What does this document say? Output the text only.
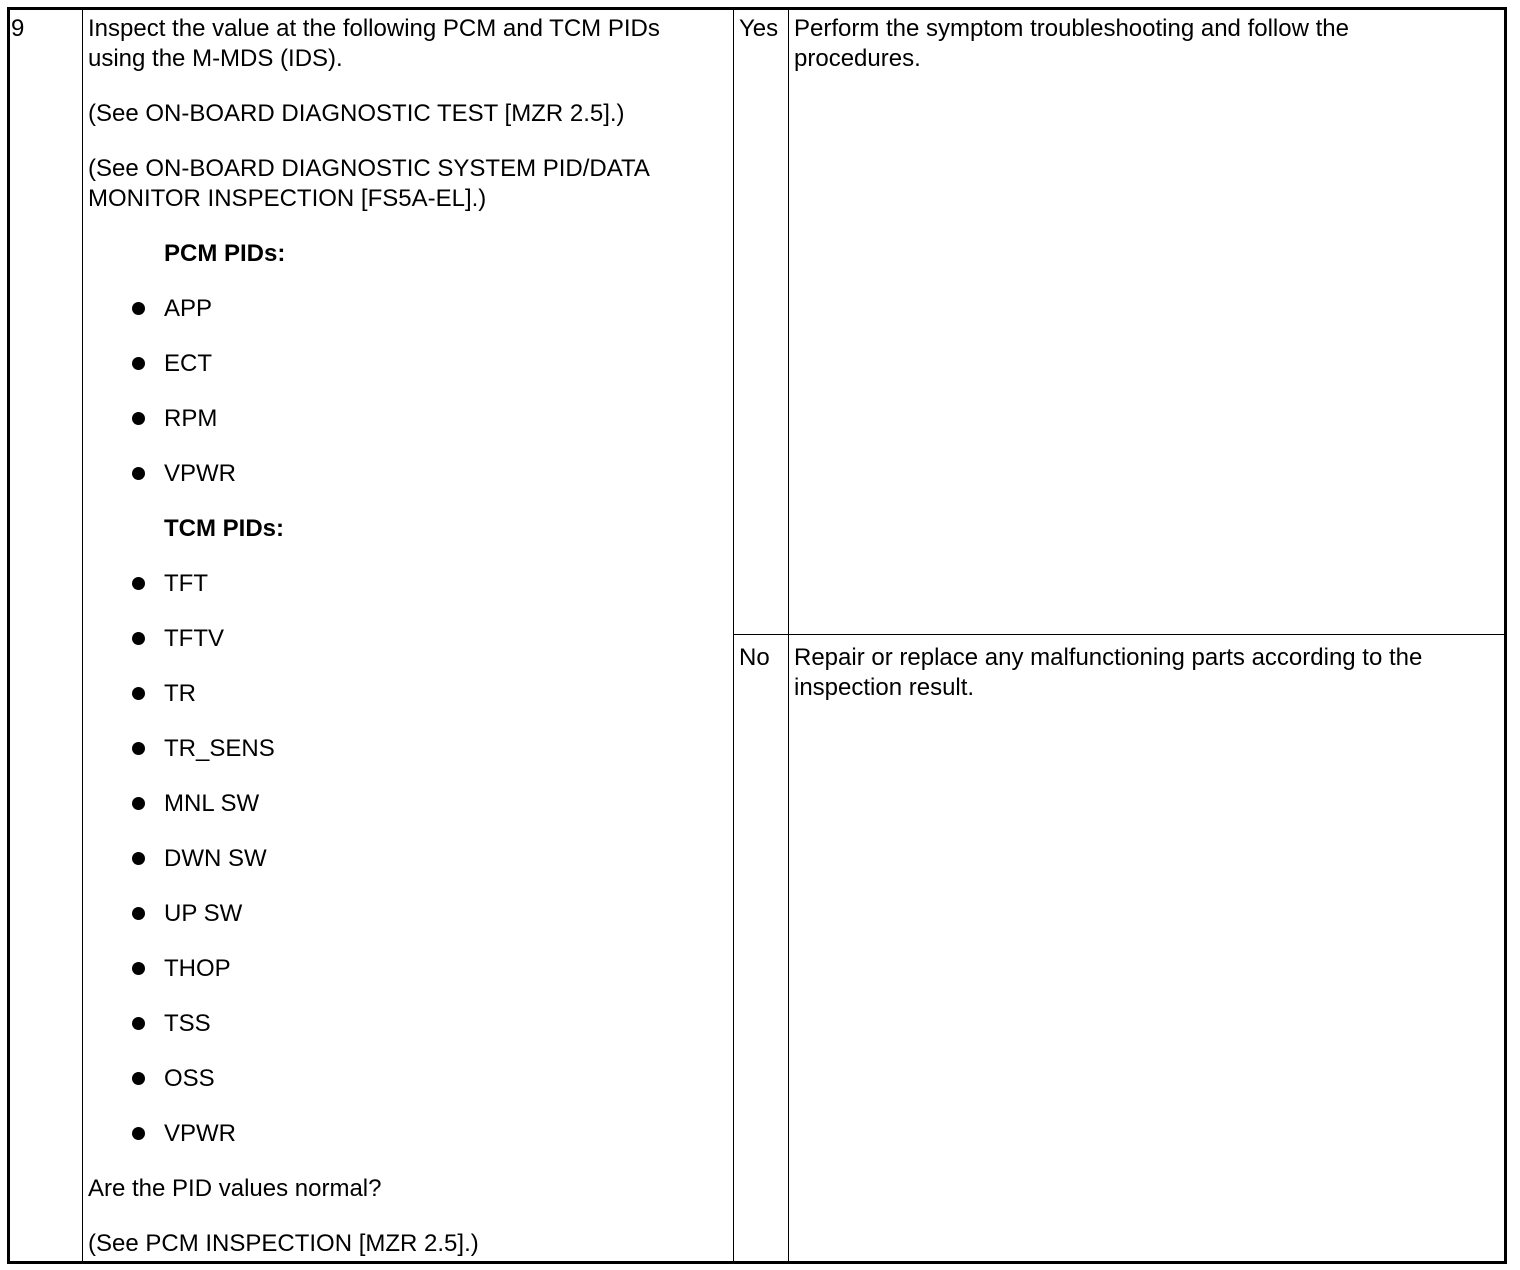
9	Inspect the value at the following PCM and TCM PIDs
using the M-MDS (IDS).
(See ON-BOARD DIAGNOSTIC TEST [MZR 2.5].)
(See ON-BOARD DIAGNOSTIC SYSTEM PID/DATA
MONITOR INSPECTION [FS5A-EL].)
PCM PIDs:
APP
ECT
RPM
VPWR
TCM PIDs:
TFT
TFTV
TR
TR_SENS
MNL SW
DWN SW
UP SW
THOP
TSS
OSS
VPWR
Are the PID values normal?
(See PCM INSPECTION [MZR 2.5].)
Yes Perform the symptom troubleshooting and follow the
procedures.
No Repair or replace any malfunctioning parts according to the
inspection result.
